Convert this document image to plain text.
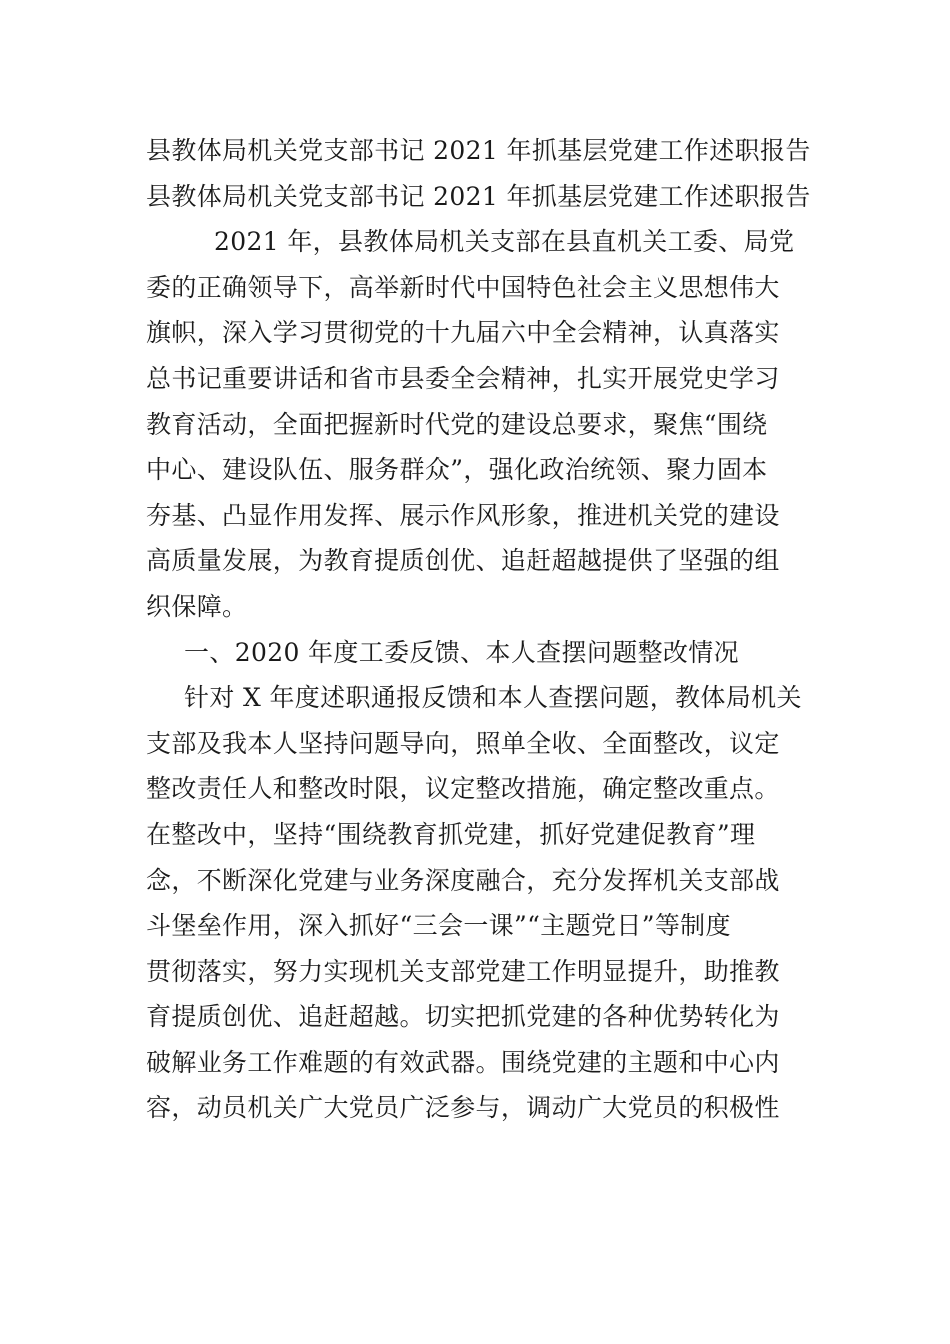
县教体局机关党支部书记 2021 年抓基层党建工作述职报告
县教体局机关党支部书记 2021 年抓基层党建工作述职报告
2021 年，县教体局机关支部在县直机关工委、局党
委的正确领导下，高举新时代中国特色社会主义思想伟大
旗帜，深入学习贯彻党的十九届六中全会精神，认真落实
总书记重要讲话和省市县委全会精神，扎实开展党史学习
教育活动，全面把握新时代党的建设总要求，聚焦“围绕
中心、建设队伍、服务群众”，强化政治统领、聚力固本
夯基、凸显作用发挥、展示作风形象，推进机关党的建设
高质量发展，为教育提质创优、追赶超越提供了坚强的组
织保障。
一、2020 年度工委反馈、本人查摆问题整改情况
针对 X 年度述职通报反馈和本人查摆问题，教体局机关
支部及我本人坚持问题导向，照单全收、全面整改，议定
整改责任人和整改时限，议定整改措施，确定整改重点。
在整改中，坚持“围绕教育抓党建，抓好党建促教育”理
念，不断深化党建与业务深度融合，充分发挥机关支部战
斗堡垒作用，深入抓好“三会一课”“主题党日”等制度
贯彻落实，努力实现机关支部党建工作明显提升，助推教
育提质创优、追赶超越。切实把抓党建的各种优势转化为
破解业务工作难题的有效武器。围绕党建的主题和中心内
容，动员机关广大党员广泛参与，调动广大党员的积极性
